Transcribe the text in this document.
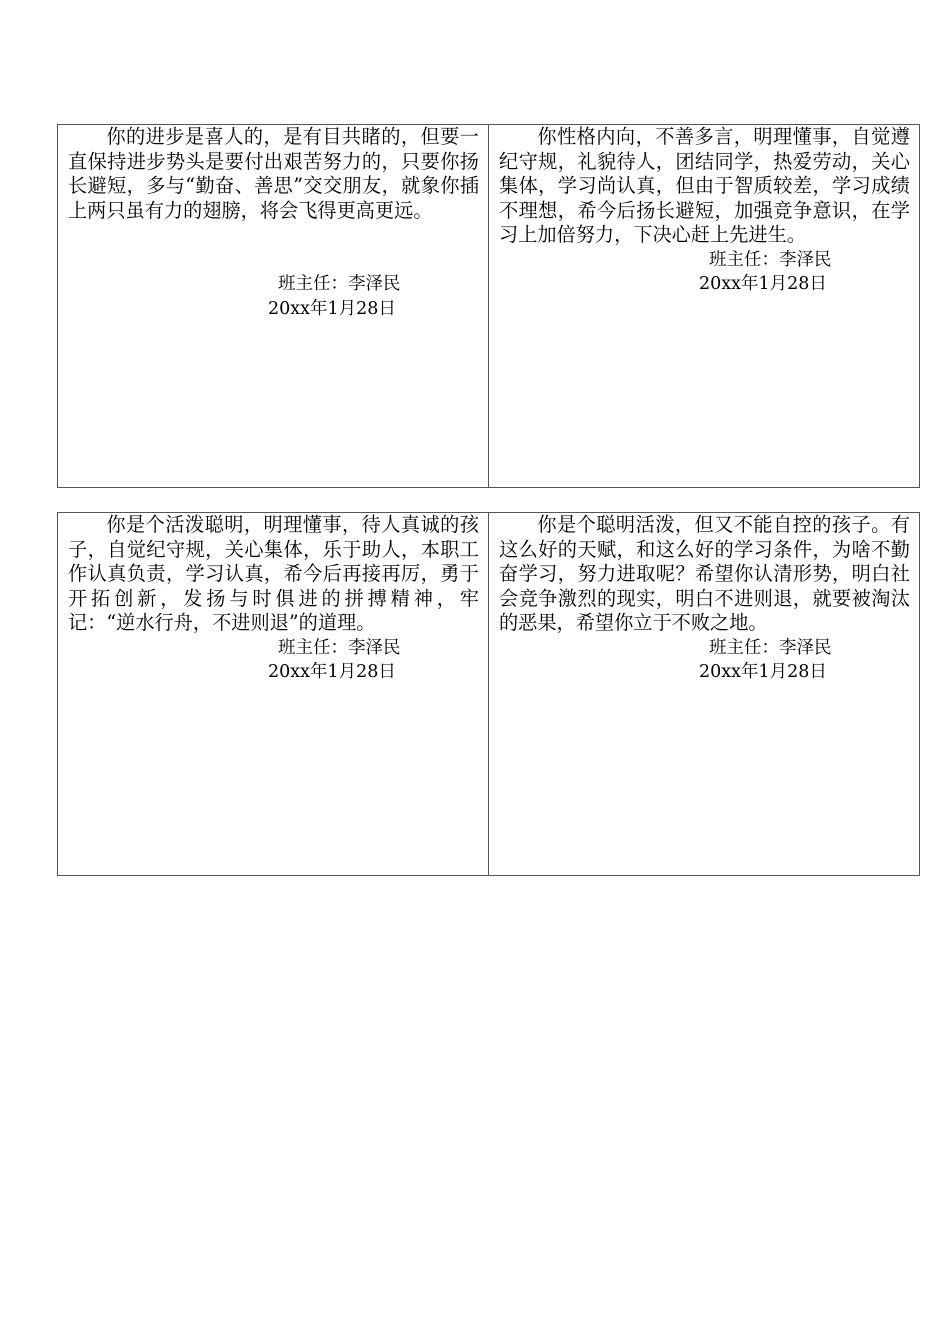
你的进步是喜人的，是有目共睹的，但要一直保持进步势头是要付出艰苦努力的，只要你扬长避短，多与“勤奋、善思”交交朋友，就象你插上两只虽有力的翅膀，将会飞得更高更远。

班主任：李泽民

20xx年1月28日

你性格内向，不善多言，明理懂事，自觉遵纪守规，礼貌待人，团结同学，热爱劳动，关心集体，学习尚认真，但由于智质较差，学习成绩不理想，希今后扬长避短，加强竞争意识，在学习上加倍努力，下决心赶上先进生。

班主任：李泽民

20xx年1月28日

你是个活泼聪明，明理懂事，待人真诚的孩子，自觉纪守规，关心集体，乐于助人，本职工作认真负责，学习认真，希今后再接再厉，勇于开拓创新，发扬与时俱进的拼搏精神，牢记：“逆水行舟，不进则退”的道理。

班主任：李泽民

20xx年1月28日

你是个聪明活泼，但又不能自控的孩子。有这么好的天赋，和这么好的学习条件，为啥不勤奋学习，努力进取呢？希望你认清形势，明白社会竞争激烈的现实，明白不进则退，就要被淘汰的恶果，希望你立于不败之地。

班主任：李泽民

20xx年1月28日
